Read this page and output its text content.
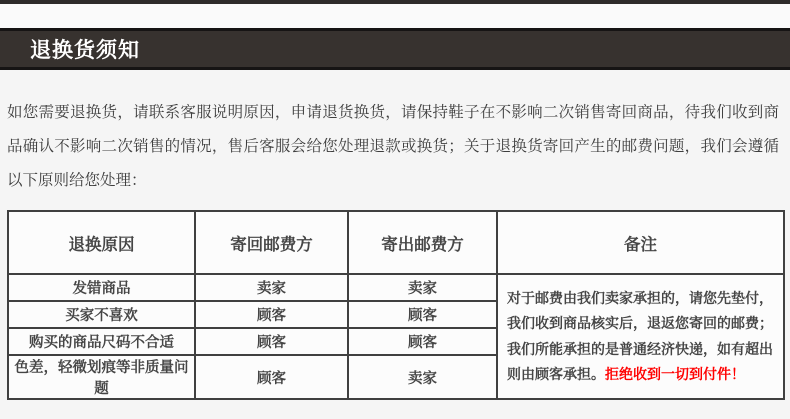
退换货须知

如您需要退换货，请联系客服说明原因，申请退货换货，请保持鞋子在不影响二次销售寄回商品，待我们收到商品确认不影响二次销售的情况，售后客服会给您处理退款或换货；关于退换货寄回产生的邮费问题，我们会遵循以下原则给您处理：

退换原因	寄回邮费方	寄出邮费方	备注
发错商品	卖家	卖家	对于邮费由我们卖家承担的，请您先垫付，我们收到商品核实后，退返您寄回的邮费；我们所能承担的是普通经济快递，如有超出则由顾客承担。拒绝收到一切到付件！
买家不喜欢	顾客	顾客	
购买的商品尺码不合适	顾客	顾客	
色差，轻微划痕等非质量问题	顾客	卖家	
